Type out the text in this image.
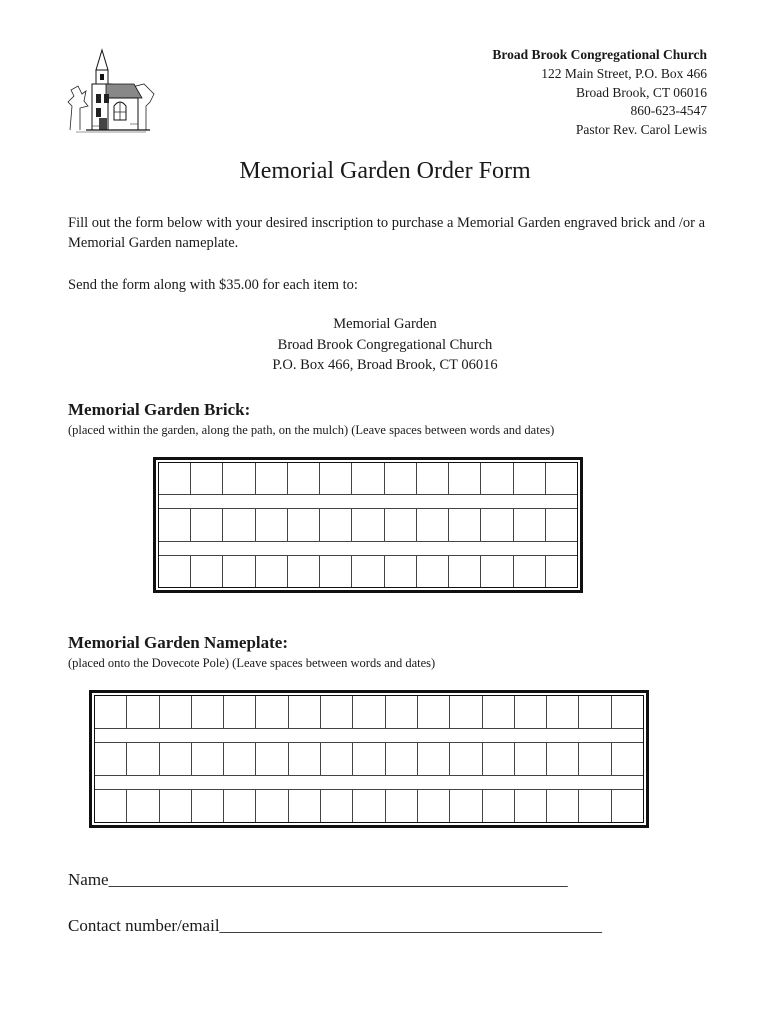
Broad Brook Congregational Church
122 Main Street, P.O. Box 466
Broad Brook, CT 06016
860-623-4547
Pastor Rev. Carol Lewis
Memorial Garden Order Form
Fill out the form below with your desired inscription to purchase a Memorial Garden engraved brick and /or a Memorial Garden nameplate.
Send the form along with $35.00 for each item to:
Memorial Garden
Broad Brook Congregational Church
P.O. Box 466, Broad Brook, CT 06016
Memorial Garden Brick:
(placed within the garden, along the path, on the mulch) (Leave spaces between words and dates)
Memorial Garden Nameplate:
(placed onto the Dovecote Pole) (Leave spaces between words and dates)
Name______________________________________________________
Contact number/email_____________________________________________
